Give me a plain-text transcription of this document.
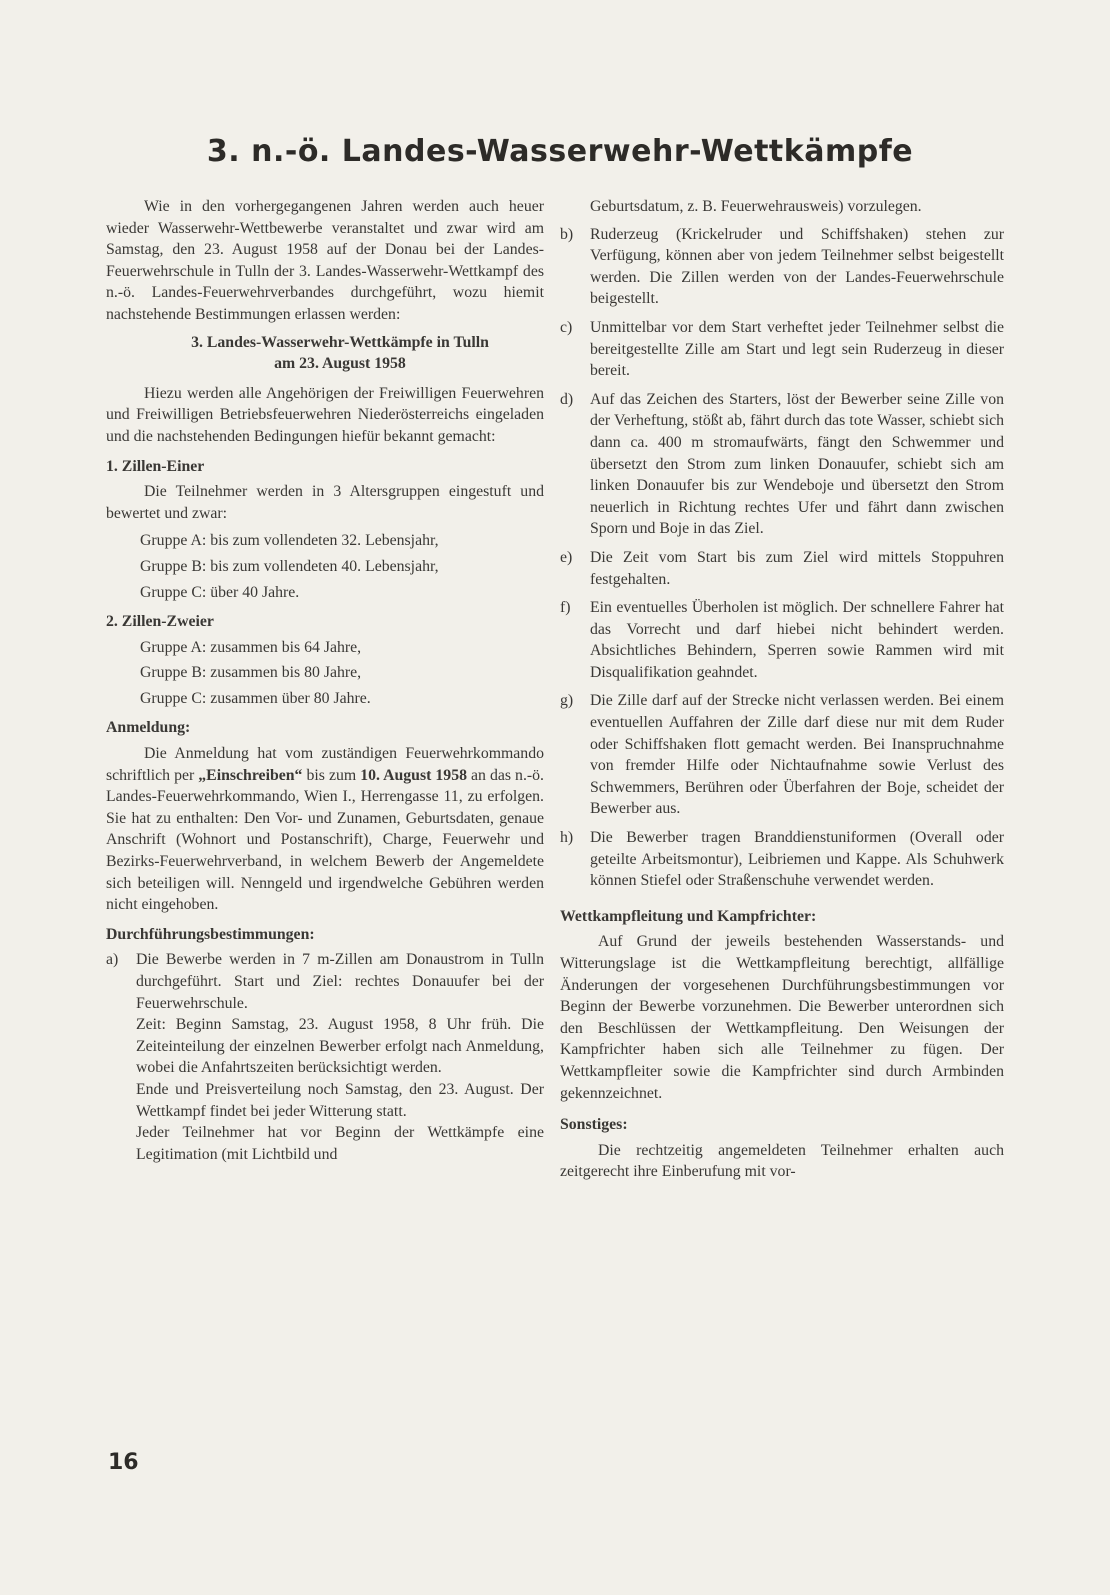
3. n.-ö. Landes-Wasserwehr-Wettkämpfe

Wie in den vorhergegangenen Jahren werden auch heuer wieder Wasserwehr-Wettbewerbe veranstaltet und zwar wird am Samstag, den 23. August 1958 auf der Donau bei der Landes-Feuerwehrschule in Tulln der 3. Landes-Wasserwehr-Wettkampf des n.-ö. Landes-Feuerwehrverbandes durchgeführt, wozu hiemit nachstehende Bestimmungen erlassen werden:

3. Landes-Wasserwehr-Wettkämpfe in Tulln
am 23. August 1958

Hiezu werden alle Angehörigen der Freiwilligen Feuerwehren und Freiwilligen Betriebsfeuerwehren Niederösterreichs eingeladen und die nachstehenden Bedingungen hiefür bekannt gemacht:

1. Zillen-Einer

Die Teilnehmer werden in 3 Altersgruppen eingestuft und bewertet und zwar:

Gruppe A: bis zum vollendeten 32. Lebensjahr,

Gruppe B: bis zum vollendeten 40. Lebensjahr,

Gruppe C: über 40 Jahre.

2. Zillen-Zweier

Gruppe A: zusammen bis 64 Jahre,

Gruppe B: zusammen bis 80 Jahre,

Gruppe C: zusammen über 80 Jahre.

Anmeldung:

Die Anmeldung hat vom zuständigen Feuerwehrkommando schriftlich per „Einschreiben“ bis zum 10. August 1958 an das n.-ö. Landes-Feuerwehrkommando, Wien I., Herrengasse 11, zu erfolgen. Sie hat zu enthalten: Den Vor- und Zunamen, Geburtsdaten, genaue Anschrift (Wohnort und Postanschrift), Charge, Feuerwehr und Bezirks-Feuerwehrverband, in welchem Bewerb der Angemeldete sich beteiligen will. Nenngeld und irgendwelche Gebühren werden nicht eingehoben.

Durchführungsbestimmungen:
a)	Die Bewerbe werden in 7 m-Zillen am Donaustrom in Tulln durchgeführt. Start und Ziel: rechtes Donauufer bei der Feuerwehrschule.
Zeit: Beginn Samstag, 23. August 1958, 8 Uhr früh. Die Zeiteinteilung der einzelnen Bewerber erfolgt nach Anmeldung, wobei die Anfahrtszeiten berücksichtigt werden.
Ende und Preisverteilung noch Samstag, den 23. August. Der Wettkampf findet bei jeder Witterung statt.
Jeder Teilnehmer hat vor Beginn der Wettkämpfe eine Legitimation (mit Lichtbild und

Geburtsdatum, z. B. Feuerwehrausweis) vorzulegen.

b)	Ruderzeug (Krickelruder und Schiffshaken) stehen zur Verfügung, können aber von jedem Teilnehmer selbst beigestellt werden. Die Zillen werden von der Landes-Feuerwehrschule beigestellt.
c)	Unmittelbar vor dem Start verheftet jeder Teilnehmer selbst die bereitgestellte Zille am Start und legt sein Ruderzeug in dieser bereit.
d)	Auf das Zeichen des Starters, löst der Bewerber seine Zille von der Verheftung, stößt ab, fährt durch das tote Wasser, schiebt sich dann ca. 400 m stromaufwärts, fängt den Schwemmer und übersetzt den Strom zum linken Donauufer, schiebt sich am linken Donauufer bis zur Wendeboje und übersetzt den Strom neuerlich in Richtung rechtes Ufer und fährt dann zwischen Sporn und Boje in das Ziel.
e)	Die Zeit vom Start bis zum Ziel wird mittels Stoppuhren festgehalten.
f)	Ein eventuelles Überholen ist möglich. Der schnellere Fahrer hat das Vorrecht und darf hiebei nicht behindert werden. Absichtliches Behindern, Sperren sowie Rammen wird mit Disqualifikation geahndet.
g)	Die Zille darf auf der Strecke nicht verlassen werden. Bei einem eventuellen Auffahren der Zille darf diese nur mit dem Ruder oder Schiffshaken flott gemacht werden. Bei Inanspruchnahme von fremder Hilfe oder Nichtaufnahme sowie Verlust des Schwemmers, Berühren oder Überfahren der Boje, scheidet der Bewerber aus.
h)	Die Bewerber tragen Branddienstuniformen (Overall oder geteilte Arbeitsmontur), Leibriemen und Kappe. Als Schuhwerk können Stiefel oder Straßenschuhe verwendet werden.
Wettkampfleitung und Kampfrichter:

Auf Grund der jeweils bestehenden Wasserstands- und Witterungslage ist die Wettkampfleitung berechtigt, allfällige Änderungen der vorgesehenen Durchführungsbestimmungen vor Beginn der Bewerbe vorzunehmen. Die Bewerber unterordnen sich den Beschlüssen der Wettkampfleitung. Den Weisungen der Kampfrichter haben sich alle Teilnehmer zu fügen. Der Wettkampfleiter sowie die Kampfrichter sind durch Armbinden gekennzeichnet.

Sonstiges:

Die rechtzeitig angemeldeten Teilnehmer erhalten auch zeitgerecht ihre Einberufung mit vor-

16
